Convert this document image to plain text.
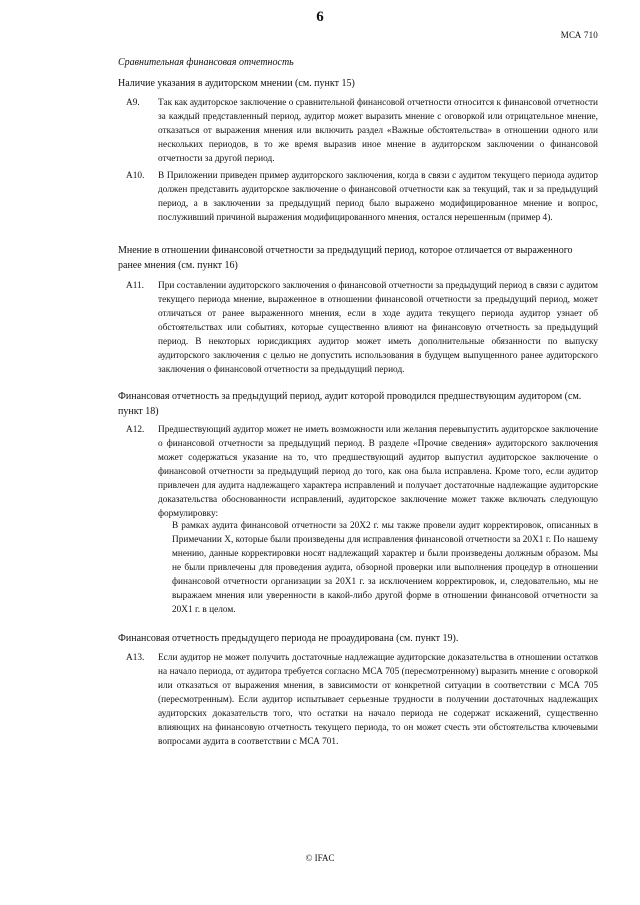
6
МСА 710
Сравнительная финансовая отчетность
Наличие указания в аудиторском мнении (см. пункт 15)
А9.	Так как аудиторское заключение о сравнительной финансовой отчетности относится к финансовой отчетности за каждый представленный период, аудитор может выразить мнение с оговоркой или отрицательное мнение, отказаться от выражения мнения или включить раздел «Важные обстоятельства» в отношении одного или нескольких периодов, в то же время выразив иное мнение в аудиторском заключении о финансовой отчетности за другой период.
А10.	В Приложении приведен пример аудиторского заключения, когда в связи с аудитом текущего периода аудитор должен представить аудиторское заключение о финансовой отчетности как за текущий, так и за предыдущий период, а в заключении за предыдущий период было выражено модифицированное мнение и вопрос, послуживший причиной выражения модифицированного мнения, остался нерешенным (пример 4).
Мнение в отношении финансовой отчетности за предыдущий период, которое отличается от выраженного ранее мнения (см. пункт 16)
А11.	При составлении аудиторского заключения о финансовой отчетности за предыдущий период в связи с аудитом текущего периода мнение, выраженное в отношении финансовой отчетности за предыдущий период, может отличаться от ранее выраженного мнения, если в ходе аудита текущего периода аудитор узнает об обстоятельствах или событиях, которые существенно влияют на финансовую отчетность за предыдущий период. В некоторых юрисдикциях аудитор может иметь дополнительные обязанности по выпуску аудиторского заключения с целью не допустить использования в будущем выпущенного ранее аудиторского заключения о финансовой отчетности за предыдущий период.
Финансовая отчетность за предыдущий период, аудит которой проводился предшествующим аудитором (см. пункт 18)
А12.	Предшествующий аудитор может не иметь возможности или желания перевыпустить аудиторское заключение о финансовой отчетности за предыдущий период. В разделе «Прочие сведения» аудиторского заключения может содержаться указание на то, что предшествующий аудитор выпустил аудиторское заключение о финансовой отчетности за предыдущий период до того, как она была исправлена. Кроме того, если аудитор привлечен для аудита надлежащего характера исправлений и получает достаточные надлежащие аудиторские доказательства обоснованности исправлений, аудиторское заключение может также включать следующую формулировку:
В рамках аудита финансовой отчетности за 20X2 г. мы также провели аудит корректировок, описанных в Примечании X, которые были произведены для исправления финансовой отчетности за 20X1 г. По нашему мнению, данные корректировки носят надлежащий характер и были произведены должным образом. Мы не были привлечены для проведения аудита, обзорной проверки или выполнения процедур в отношении финансовой отчетности организации за 20X1 г. за исключением корректировок, и, следовательно, мы не выражаем мнения или уверенности в какой-либо другой форме в отношении финансовой отчетности за 20X1 г. в целом.
Финансовая отчетность предыдущего периода не проаудирована (см. пункт 19).
А13.	Если аудитор не может получить достаточные надлежащие аудиторские доказательства в отношении остатков на начало периода, от аудитора требуется согласно МСА 705 (пересмотренному) выразить мнение с оговоркой или отказаться от выражения мнения, в зависимости от конкретной ситуации в соответствии с МСА 705 (пересмотренным). Если аудитор испытывает серьезные трудности в получении достаточных надлежащих аудиторских доказательств того, что остатки на начало периода не содержат искажений, существенно влияющих на финансовую отчетность текущего периода, то он может счесть эти обстоятельства ключевыми вопросами аудита в соответствии с МСА 701.
© IFAC
